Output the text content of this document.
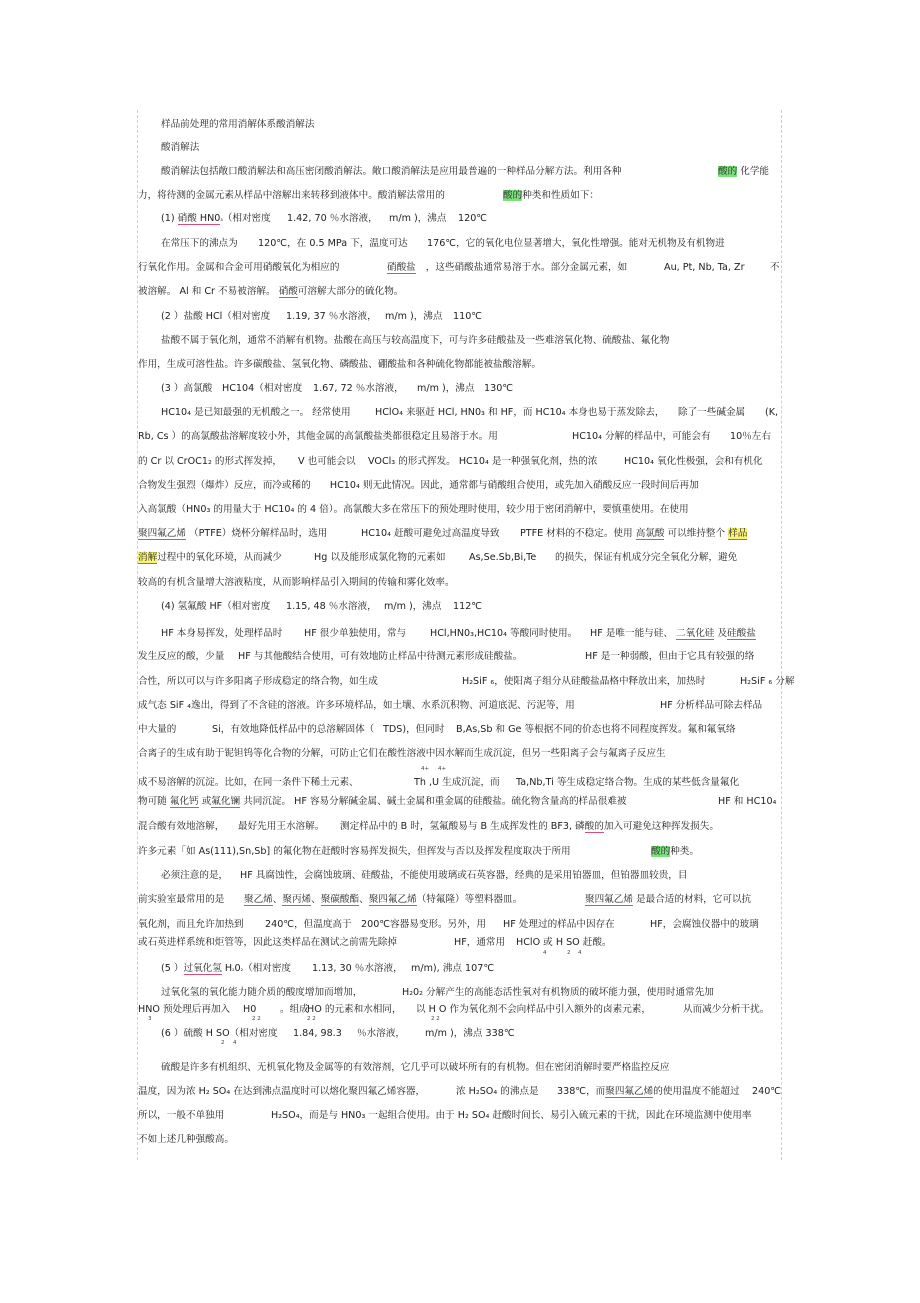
样品前处理的常用消解体系酸消解法
酸消解法
酸消解法包括敞口酸消解法和高压密闭酸消解法。敞口酸消解法是应用最普遍的一种样品分解方法。利用各种	酸的 化学能
力，将待测的金属元素从样品中溶解出来转移到液体中。酸消解法常用的	酸的种类和性质如下：
(1) 硝酸 HN0₃（相对密度 1.42, 70 ％水溶液， m/m )，沸点 120℃
在常压下的沸点为 120℃，在 0.5 MPa 下，温度可达 176℃，它的氧化电位显著增大，氧化性增强。能对无机物及有机物进
行氧化作用。金属和合金可用硝酸氧化为相应的	硝酸盐 ，这些硝酸盐通常易溶于水。部分金属元素，如	Au, Pt, Nb, Ta, Zr	不
被溶解。 Al 和 Cr 不易被溶解。 硝酸可溶解大部分的硫化物。
(2 ）盐酸 HCl（相对密度 1.19, 37 ％水溶液， m/m )，沸点 110℃
盐酸不属于氧化剂，通常不消解有机物。盐酸在高压与较高温度下，可与许多硅酸盐及一些难溶氧化物、硫酸盐、氟化物
作用，生成可溶性盐。许多碳酸盐、氢氧化物、磷酸盐、硼酸盐和各种硫化物都能被盐酸溶解。
(3 ）高氯酸 HC104（相对密度 1.67, 72 ％水溶液， m/m )，沸点 130℃
HC10₄ 是已知最强的无机酸之一。 经常使用	HClO₄ 来驱赶 HCl, HN0₃ 和 HF，而 HC10₄ 本身也易于蒸发除去， 除了一些碱金属 (K,
Rb, Cs ）的高氯酸盐溶解度较小外，其他金属的高氯酸盐类都很稳定且易溶于水。用	HC10₄ 分解的样品中，可能会有 10％左右
的 Cr 以 CrOC1₂ 的形式挥发掉， V 也可能会以 VOCl₃ 的形式挥发。 HC10₄ 是一种强氧化剂，热的浓	HC10₄ 氧化性极强，会和有机化
合物发生强烈（爆炸）反应，而冷或稀的　　HC10₄ 则无此情况。因此，通常都与硝酸组合使用，或先加入硝酸反应一段时间后再加
入高氯酸（HN0₃ 的用量大于 HC10₄ 的 4 倍）。高氯酸大多在常压下的预处理时使用，较少用于密闭消解中，要慎重使用。在使用
聚四氟乙烯 （PTFE）烧杯分解样品时，选用	HC10₄ 赶酸可避免过高温度导致 PTFE 材料的不稳定。使用 高氯酸 可以维持整个 样品
消解过程中的氧化环境，从而减少	Hg 以及能形成氯化物的元素如 As,Se.Sb,Bi,Te 的损失，保证有机成分完全氧化分解，避免
较高的有机含量增大溶液粘度，从而影响样品引入期间的传输和雾化效率。
(4) 氢氟酸 HF（相对密度 1.15, 48 ％水溶液， m/m )，沸点 112℃
HF 本身易挥发，处理样品时 HF 很少单独使用，常与 HCl,HN0₃,HC10₄ 等酸同时使用。 HF 是唯一能与硅、 二氧化硅 及硅酸盐
发生反应的酸，少量 HF 与其他酸结合使用，可有效地防止样品中待测元素形成硅酸盐。	HF 是一种弱酸，但由于它具有较强的络
合性，所以可以与许多阳离子形成稳定的络合物，如生成	H₂SiF ₆，使阳离子组分从硅酸盐晶格中释放出来，加热时	H₂SiF ₆ 分解
成气态 SiF ₄逸出，得到了不含硅的溶液。许多环境样品，如土壤、水系沉积物、河道底泥、污泥等，用	HF 分析样品可除去样品
中大量的	Si，有效地降低样品中的总溶解固体（ TDS)，但同时 B,As,Sb 和 Ge 等根据不同的价态也将不同程度挥发。氟和氟氧络
合离子的生成有助于铌钽钨等化合物的分解，可防止它们在酸性溶液中因水解而生成沉淀，但另一些阳离子会与氟离子反应生
4+ 4+
成不易溶解的沉淀。比如，在同一条件下稀土元素、	Th ,U 生成沉淀，而 Ta,Nb,Ti 等生成稳定络合物。生成的某些低含量氟化
物可随 氟化钙 或氟化镧 共同沉淀。 HF 容易分解碱金属、碱土金属和重金属的硅酸盐。硫化物含量高的样品很难被	HF 和 HC10₄
混合酸有效地溶解， 最好先用王水溶解。 测定样品中的 B 时，氢氟酸易与 B 生成挥发性的 BF3, 磷酸的加入可避免这种挥发损失。
许多元素「如 As(111),Sn,Sb] 的氟化物在赶酸时容易挥发损失，但挥发与否以及挥发程度取决于所用	酸的种类。
必须注意的是， HF 具腐蚀性，会腐蚀玻璃、硅酸盐，不能使用玻璃或石英容器，经典的是采用铂器皿，但铂器皿较贵，目
前实验室最常用的是 聚乙烯、聚丙烯、聚碳酸酯、聚四氟乙烯（特氟隆）等塑料器皿。	聚四氟乙烯 是最合适的材料，它可以抗
氧化剂，而且允许加热到 240℃，但温度高于 200℃容器易变形。另外，用 HF 处理过的样品中因存在	HF，会腐蚀仪器中的玻璃
或石英进样系统和炬管等，因此这类样品在测试之前需先除掉	HF，通常用 HClO 或 H SO 赶酸。
4	2 4
(5 ）过氧化氢 H₂0₂（相对密度 1.13, 30 ％水溶液， m/m), 沸点 107℃
过氧化氢的氧化能力随介质的酸度增加而增加，	H₂0₂ 分解产生的高能态活性氧对有机物质的破坏能力强，使用时通常先加
HNO 预处理后再加入 H0 。组成
HO 的元素和水相同， 以 H O 作为氧化剂不会向样品中引入额外的卤素元素，	从而减少分析干扰。
3	2 2	2 2	2 2
(6 ）硫酸 H SO（相对密度 1.84, 98.3 ％水溶液， m/m )，沸点 338℃
2 4
硫酸是许多有机组织、无机氧化物及金属等的有效溶剂，它几乎可以破坏所有的有机物。但在密闭消解时要严格监控反应
温度，因为浓 H₂ SO₄ 在达到沸点温度时可以熔化聚四氟乙烯容器，	浓 H₂SO₄ 的沸点是 338℃，而聚四氟乙烯的使用温度不能超过 240℃
所以，一般不单独用	H₂SO₄，而是与 HN0₃ 一起组合使用。由于 H₂ SO₄ 赶酸时间长、易引入硫元素的干扰，因此在环境监测中使用率
不如上述几种强酸高。
